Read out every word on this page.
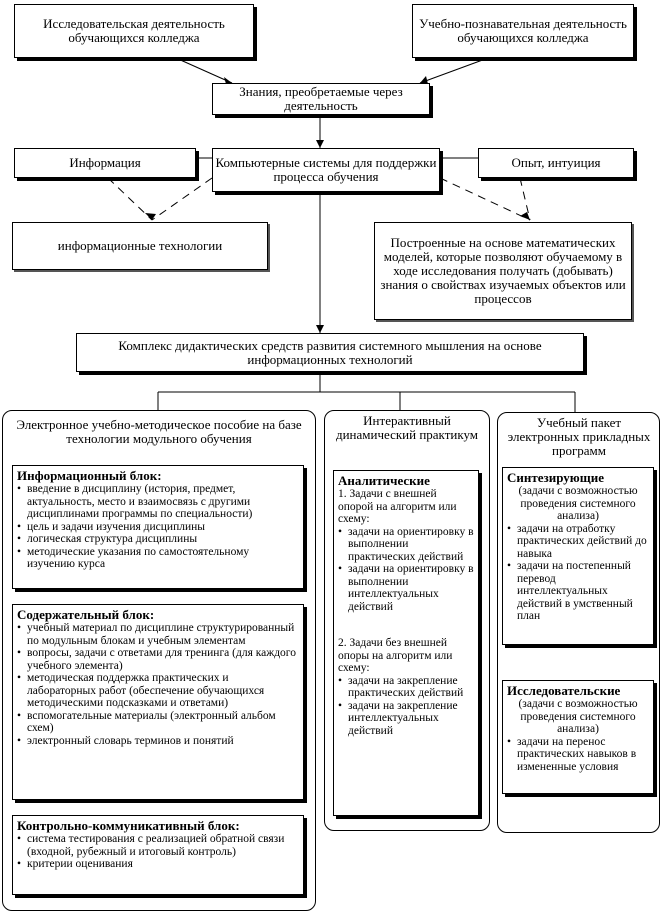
Исследовательская деятельность обучающихся колледжа
Учебно-познавательная деятельность обучающихся колледжа
Знания, преобретаемые через деятельность
Информация	Компьютерные системы для поддержки процесса обучения
Опыт, интуиция
информационные технологии	Построенные на основе математических моделей, которые позволяют обучаемому в ходе исследования получать (добывать) знания о свойствах изучаемых объектов или процессов
Комплекс дидактических средств развития системного мышления на основе информационных технологий
Электронное учебно-методическое пособие на базе технологии модульного обучения
Информационный блок:
• введение в дисциплину (история, предмет, актуальность, место и взаимосвязь с другими дисциплинами программы по специальности)
• цель и задачи изучения дисциплины
• логическая структура дисциплины
• методические указания по самостоятельному изучению курса
Содержательный блок:
• учебный материал по дисциплине структурированный по модульным блокам и учебным элементам
• вопросы, задачи с ответами для тренинга (для каждого учебного элемента)
• методическая поддержка практических и лабораторных работ (обеспечение обучающихся методическими подсказками и ответами)
• вспомогательные материалы (электронный альбом схем)
• электронный словарь терминов и понятий
Контрольно-коммуникативный блок:
• система тестирования с реализацией обратной связи (входной, рубежный и итоговый контроль)
• критерии оценивания
Интерактивный динамический практикум
Аналитические
1. Задачи с внешней опорой на алгоритм или схему:
• задачи на ориентировку в выполнении практических действий
• задачи на ориентировку в выполнении интеллектуальных действий
2. Задачи без внешней опоры на алгоритм или схему:
• задачи на закрепление практических действий
• задачи на закрепление интеллектуальных действий
Учебный пакет электронных прикладных программ
Синтезирующие
(задачи с возможностью проведения системного анализа)
• задачи на отработку практических действий до навыка
• задачи на постепенный перевод интеллектуальных действий в умственный план
Исследовательские
(задачи с возможностью проведения системного анализа)
• задачи на перенос практических навыков в измененные условия
